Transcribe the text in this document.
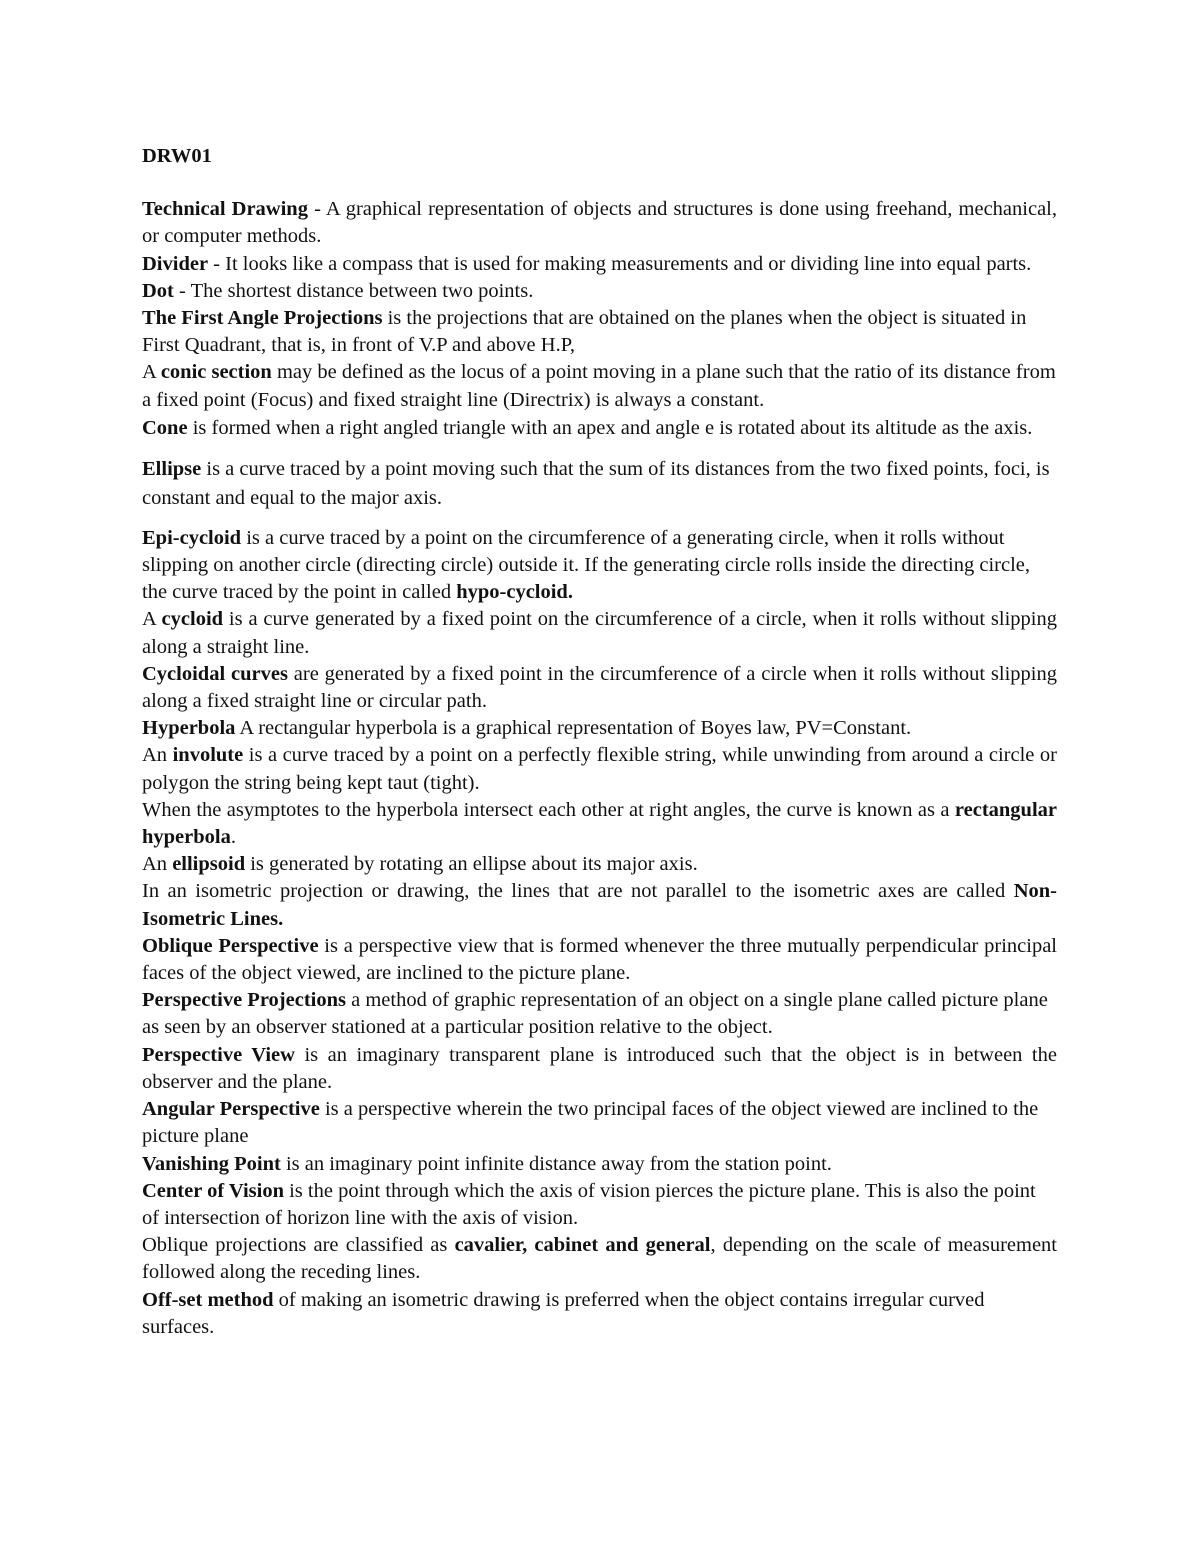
DRW01

Technical Drawing - A graphical representation of objects and structures is done using freehand, mechanical, or computer methods.

Divider - It looks like a compass that is used for making measurements and or dividing line into equal parts.

Dot - The shortest distance between two points.

The First Angle Projections is the projections that are obtained on the planes when the object is situated in First Quadrant, that is, in front of V.P and above H.P,

A conic section may be defined as the locus of a point moving in a plane such that the ratio of its distance from a fixed point (Focus) and fixed straight line (Directrix) is always a constant.

Cone is formed when a right angled triangle with an apex and angle e is rotated about its altitude as the axis.

Ellipse is a curve traced by a point moving such that the sum of its distances from the two fixed points, foci, is constant and equal to the major axis.

Epi-cycloid is a curve traced by a point on the circumference of a generating circle, when it rolls without slipping on another circle (directing circle) outside it. If the generating circle rolls inside the directing circle, the curve traced by the point in called hypo-cycloid.

A cycloid is a curve generated by a fixed point on the circumference of a circle, when it rolls without slipping along a straight line.

Cycloidal curves are generated by a fixed point in the circumference of a circle when it rolls without slipping along a fixed straight line or circular path.

Hyperbola A rectangular hyperbola is a graphical representation of Boyes law, PV=Constant.

An involute is a curve traced by a point on a perfectly flexible string, while unwinding from around a circle or polygon the string being kept taut (tight).

When the asymptotes to the hyperbola intersect each other at right angles, the curve is known as a rectangular hyperbola.

An ellipsoid is generated by rotating an ellipse about its major axis.

In an isometric projection or drawing, the lines that are not parallel to the isometric axes are called Non- Isometric Lines.

Oblique Perspective is a perspective view that is formed whenever the three mutually perpendicular principal faces of the object viewed, are inclined to the picture plane.

Perspective Projections a method of graphic representation of an object on a single plane called picture plane as seen by an observer stationed at a particular position relative to the object.

Perspective View is an imaginary transparent plane is introduced such that the object is in between the observer and the plane.

Angular Perspective is a perspective wherein the two principal faces of the object viewed are inclined to the picture plane

Vanishing Point is an imaginary point infinite distance away from the station point.

Center of Vision is the point through which the axis of vision pierces the picture plane. This is also the point of intersection of horizon line with the axis of vision.

Oblique projections are classified as cavalier, cabinet and general, depending on the scale of measurement followed along the receding lines.

Off-set method of making an isometric drawing is preferred when the object contains irregular curved surfaces.
